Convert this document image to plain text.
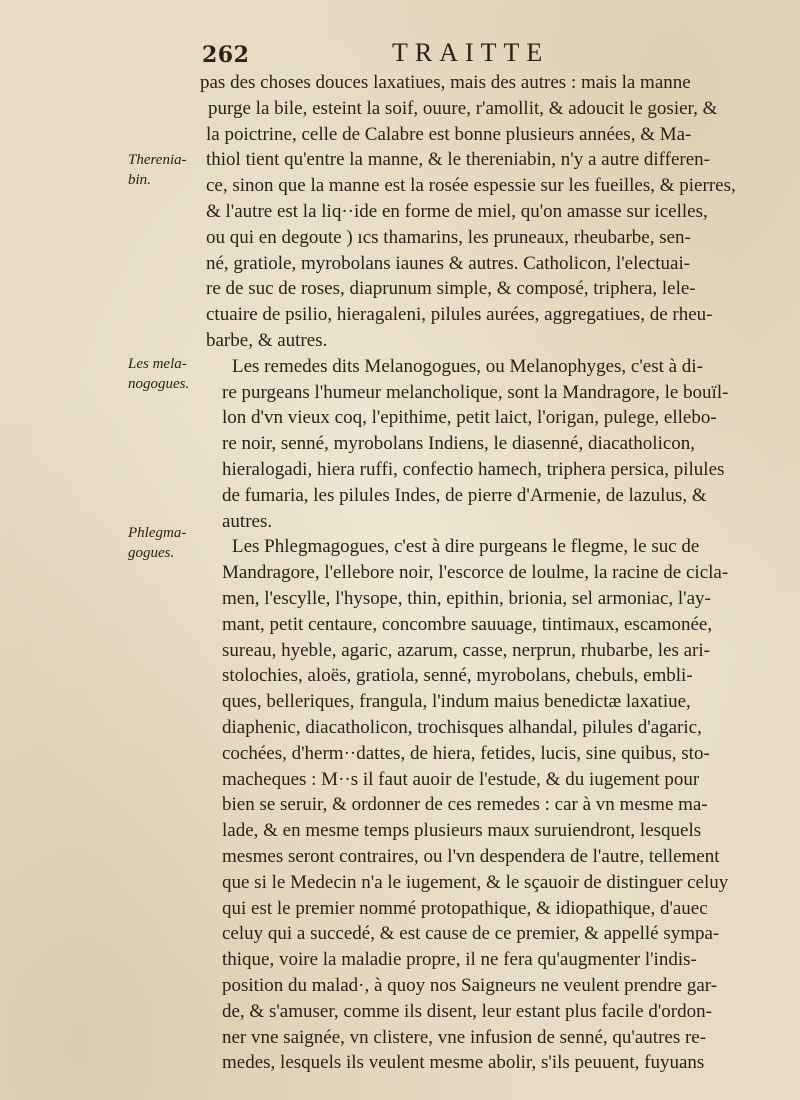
262	TRAITTE
Therenia-
bin.
Les mela-
nogogues.
Phlegma-
gogues.
pas des choses douces laxatiues, mais des autres : mais la manne
purge la bile, esteint la soif, ouure, r'amollit, & adoucit le gosier, &
la poictrine, celle de Calabre est bonne plusieurs années, & Ma-
thiol tient qu'entre la manne, & le thereniabin, n'y a autre differen-
ce, sinon que la manne est la rosée espessie sur les fueilles, & pierres,
& l'autre est la liq··ide en forme de miel, qu'on amasse sur icelles,
ou qui en degoute ) ıcs thamarins, les pruneaux, rheubarbe, sen-
né, gratiole, myrobolans iaunes & autres. Catholicon, l'electuai-
re de suc de roses, diaprunum simple, & composé, triphera, lele-
ctuaire de psilio, hieragaleni, pilules aurées, aggregatiues, de rheu-
barbe, & autres.
Les remedes dits Melanogogues, ou Melanophyges, c'est à di-
re purgeans l'humeur melancholique, sont la Mandragore, le bouïl-
lon d'vn vieux coq, l'epithime, petit laict, l'origan, pulege, ellebo-
re noir, senné, myrobolans Indiens, le diasenné, diacatholicon,
hieralogadi, hiera ruffi, confectio hamech, triphera persica, pilules
de fumaria, les pilules Indes, de pierre d'Armenie, de lazulus, &
autres.
Les Phlegmagogues, c'est à dire purgeans le flegme, le suc de
Mandragore, l'ellebore noir, l'escorce de loulme, la racine de cicla-
men, l'escylle, l'hysope, thin, epithin, brionia, sel armoniac, l'ay-
mant, petit centaure, concombre sauuage, tintimaux, escamonée,
sureau, hyeble, agaric, azarum, casse, nerprun, rhubarbe, les ari-
stolochies, aloës, gratiola, senné, myrobolans, chebuls, embli-
ques, belleriques, frangula, l'indum maius benedictæ laxatiue,
diaphenic, diacatholicon, trochisques alhandal, pilules d'agaric,
cochées, d'herm··dattes, de hiera, fetides, lucis, sine quibus, sto-
macheques : M··s il faut auoir de l'estude, & du iugement pour
bien se seruir, & ordonner de ces remedes : car à vn mesme ma-
lade, & en mesme temps plusieurs maux suruiendront, lesquels
mesmes seront contraires, ou l'vn despendera de l'autre, tellement
que si le Medecin n'a le iugement, & le sçauoir de distinguer celuy
qui est le premier nommé protopathique, & idiopathique, d'auec
celuy qui a succedé, & est cause de ce premier, & appellé sympa-
thique, voire la maladie propre, il ne fera qu'augmenter l'indis-
position du malad·, à quoy nos Saigneurs ne veulent prendre gar-
de, & s'amuser, comme ils disent, leur estant plus facile d'ordon-
ner vne saignée, vn clistere, vne infusion de senné, qu'autres re-
medes, lesquels ils veulent mesme abolir, s'ils peuuent, fuyuans
